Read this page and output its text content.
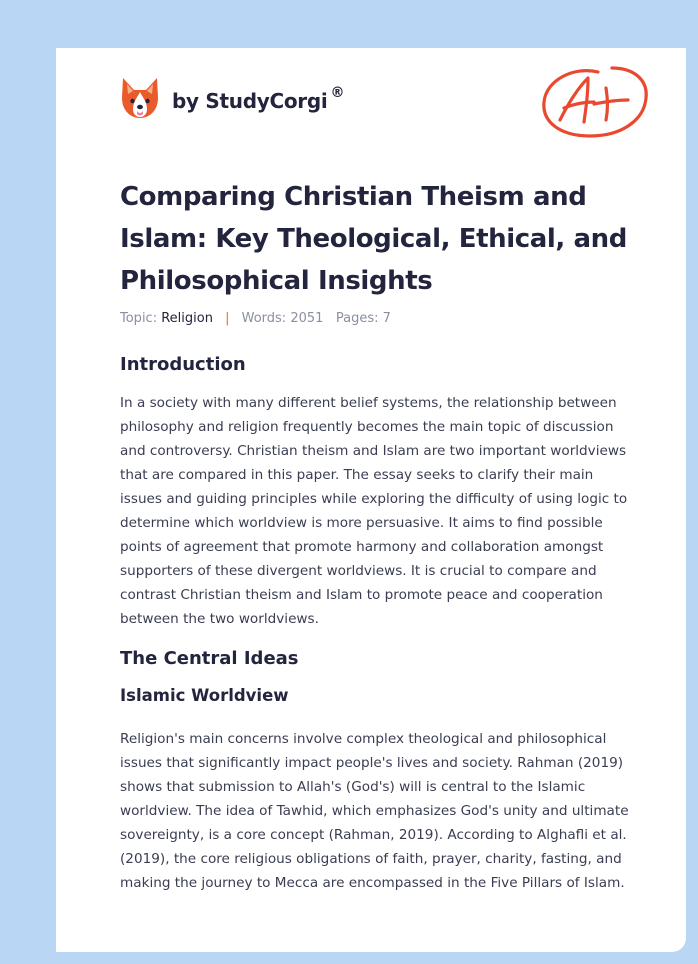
by StudyCorgi ®
Comparing Christian Theism and Islam: Key Theological, Ethical, and Philosophical Insights
Topic: Religion | Words: 2051 Pages: 7
Introduction

In a society with many different belief systems, the relationship between philosophy and religion frequently becomes the main topic of discussion and controversy. Christian theism and Islam are two important worldviews that are compared in this paper. The essay seeks to clarify their main issues and guiding principles while exploring the difficulty of using logic to determine which worldview is more persuasive. It aims to find possible points of agreement that promote harmony and collaboration amongst supporters of these divergent worldviews. It is crucial to compare and contrast Christian theism and Islam to promote peace and cooperation between the two worldviews.

The Central Ideas
Islamic Worldview

Religion's main concerns involve complex theological and philosophical issues that significantly impact people's lives and society. Rahman (2019) shows that submission to Allah's (God's) will is central to the Islamic worldview. The idea of Tawhid, which emphasizes God's unity and ultimate sovereignty, is a core concept (Rahman, 2019). According to Alghafli et al. (2019), the core religious obligations of faith, prayer, charity, fasting, and making the journey to Mecca are encompassed in the Five Pillars of Islam.
